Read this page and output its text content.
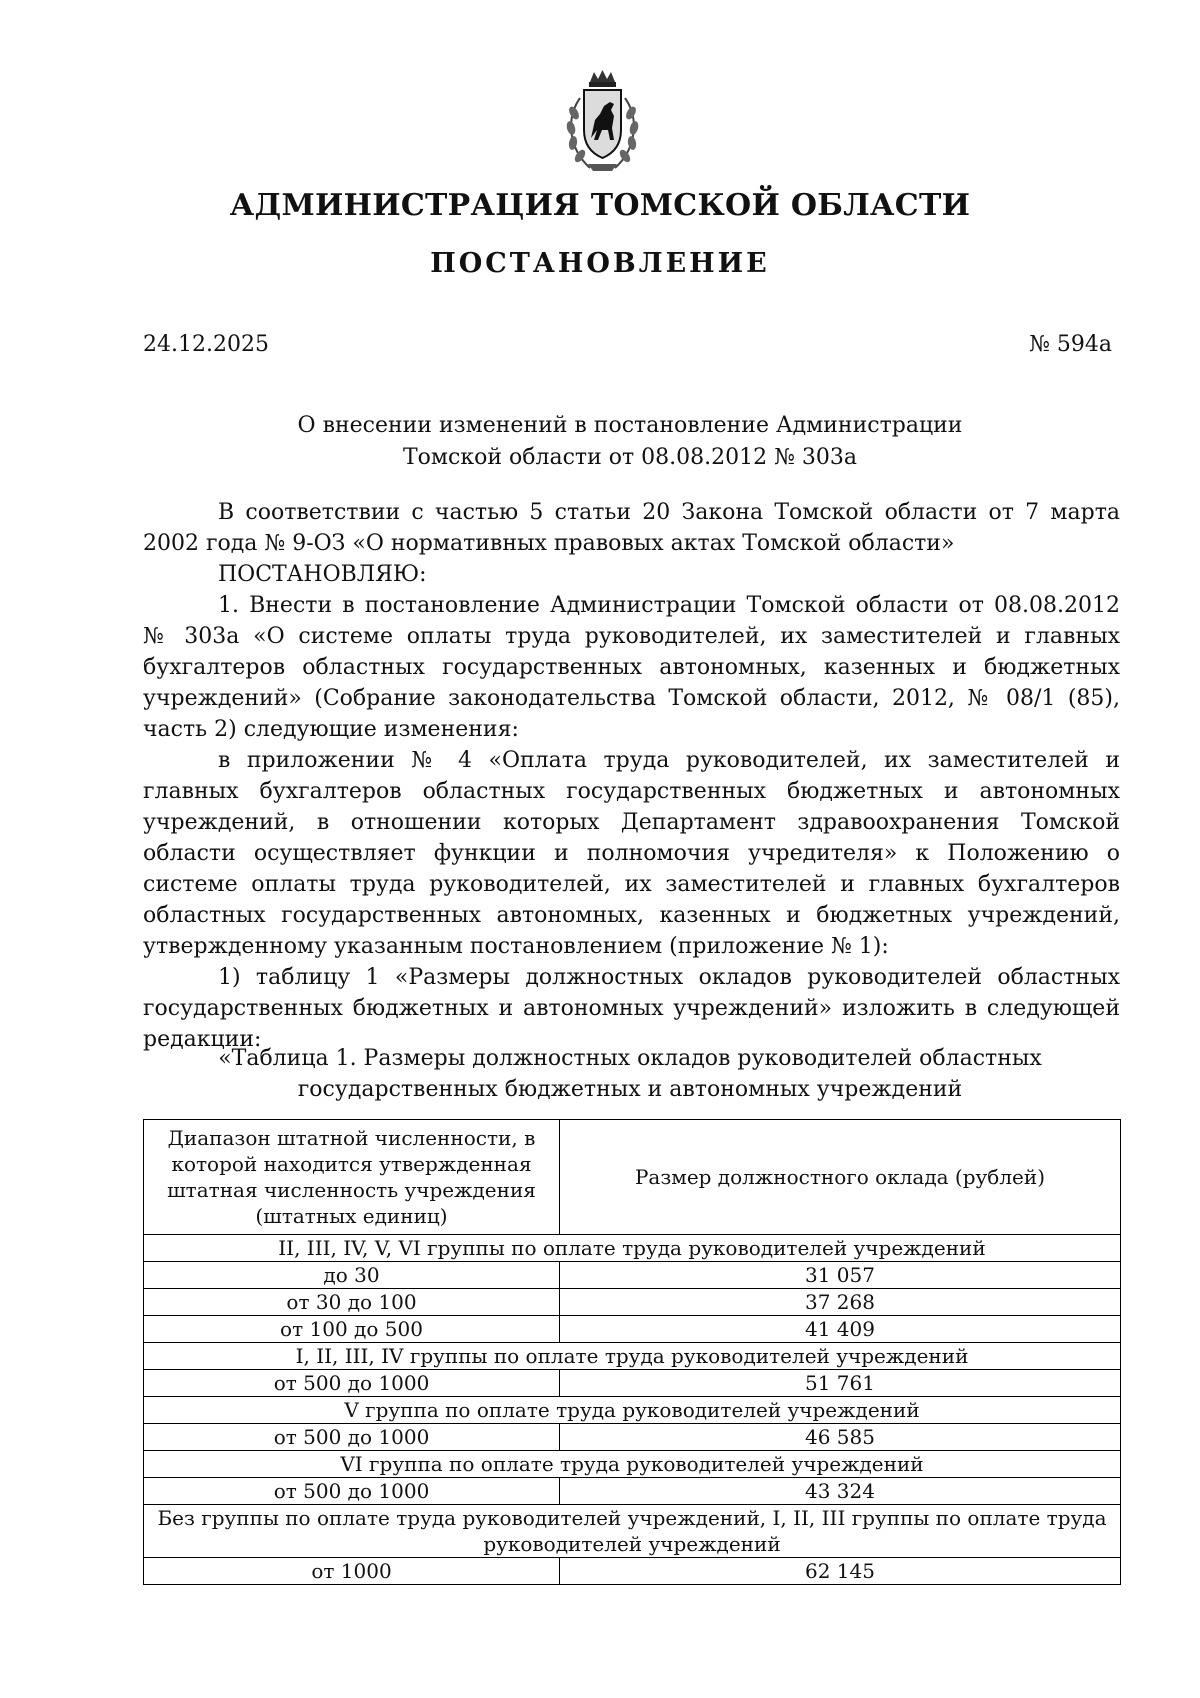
АДМИНИСТРАЦИЯ ТОМСКОЙ ОБЛАСТИ
ПОСТАНОВЛЕНИЕ
24.12.2025	№ 594а
О внесении изменений в постановление Администрации
Томской области от 08.08.2012 № 303а

В соответствии с частью 5 статьи 20 Закона Томской области от 7 марта 2002 года № 9-ОЗ «О нормативных правовых актах Томской области»

ПОСТАНОВЛЯЮ:

1. Внести в постановление Администрации Томской области от 08.08.2012 № 303а «О системе оплаты труда руководителей, их заместителей и главных бухгалтеров областных государственных автономных, казенных и бюджетных учреждений» (Собрание законодательства Томской области, 2012, № 08/1 (85), часть 2) следующие изменения:

в приложении № 4 «Оплата труда руководителей, их заместителей и главных бухгалтеров областных государственных бюджетных и автономных учреждений, в отношении которых Департамент здравоохранения Томской области осуществляет функции и полномочия учредителя» к Положению о системе оплаты труда руководителей, их заместителей и главных бухгалтеров областных государственных автономных, казенных и бюджетных учреждений, утвержденному указанным постановлением (приложение № 1):

1) таблицу 1 «Размеры должностных окладов руководителей областных государственных бюджетных и автономных учреждений» изложить в следующей редакции:

«Таблица 1. Размеры должностных окладов руководителей областных
государственных бюджетных и автономных учреждений
Диапазон штатной численности, в которой находится утвержденная штатная численность учреждения (штатных единиц)	Размер должностного оклада (рублей)
II, III, IV, V, VI группы по оплате труда руководителей учреждений	
до 30	31 057
от 30 до 100	37 268
от 100 до 500	41 409
I, II, III, IV группы по оплате труда руководителей учреждений	
от 500 до 1000	51 761
V группа по оплате труда руководителей учреждений	
от 500 до 1000	46 585
VI группа по оплате труда руководителей учреждений	
от 500 до 1000	43 324
Без группы по оплате труда руководителей учреждений, I, II, III группы по оплате труда руководителей учреждений	
от 1000	62 145
